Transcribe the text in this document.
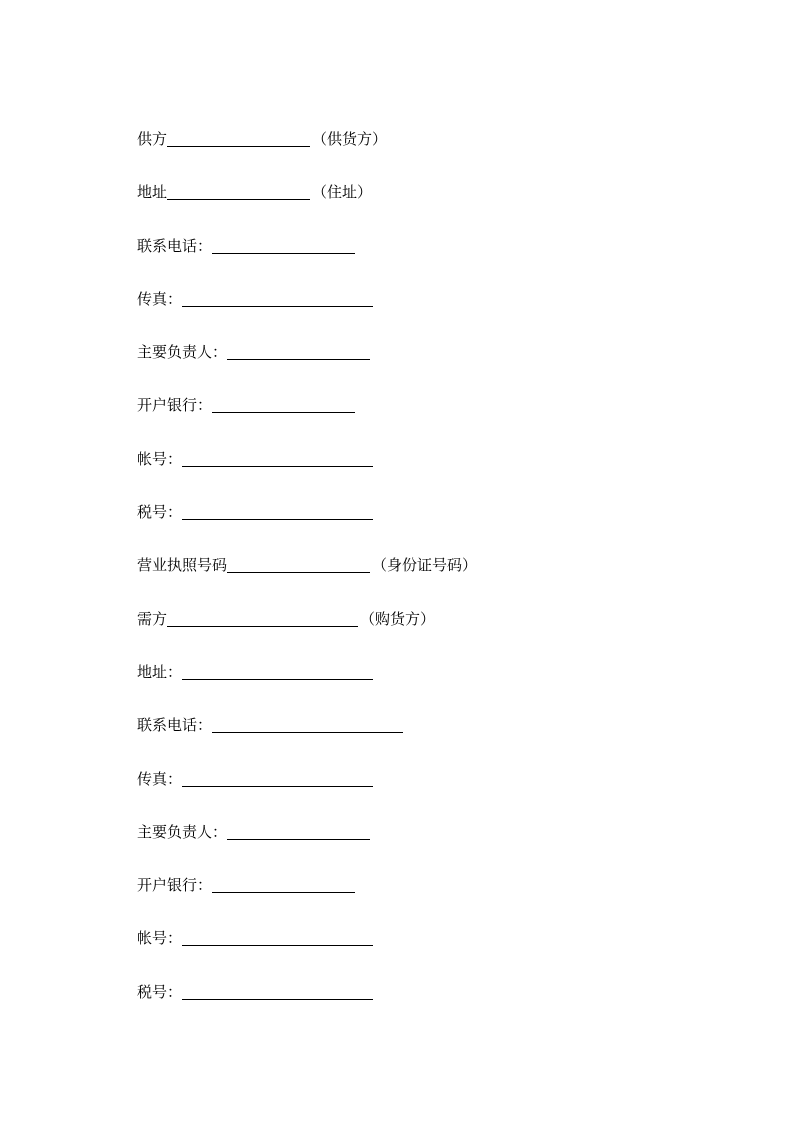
供方	（供货方）
地址	（住址）
联系电话：
传真：
主要负责人：
开户银行：
帐号：
税号：
营业执照号码	（身份证号码）
需方	（购货方）
地址：
联系电话：
传真：
主要负责人：
开户银行：
帐号：
税号：
